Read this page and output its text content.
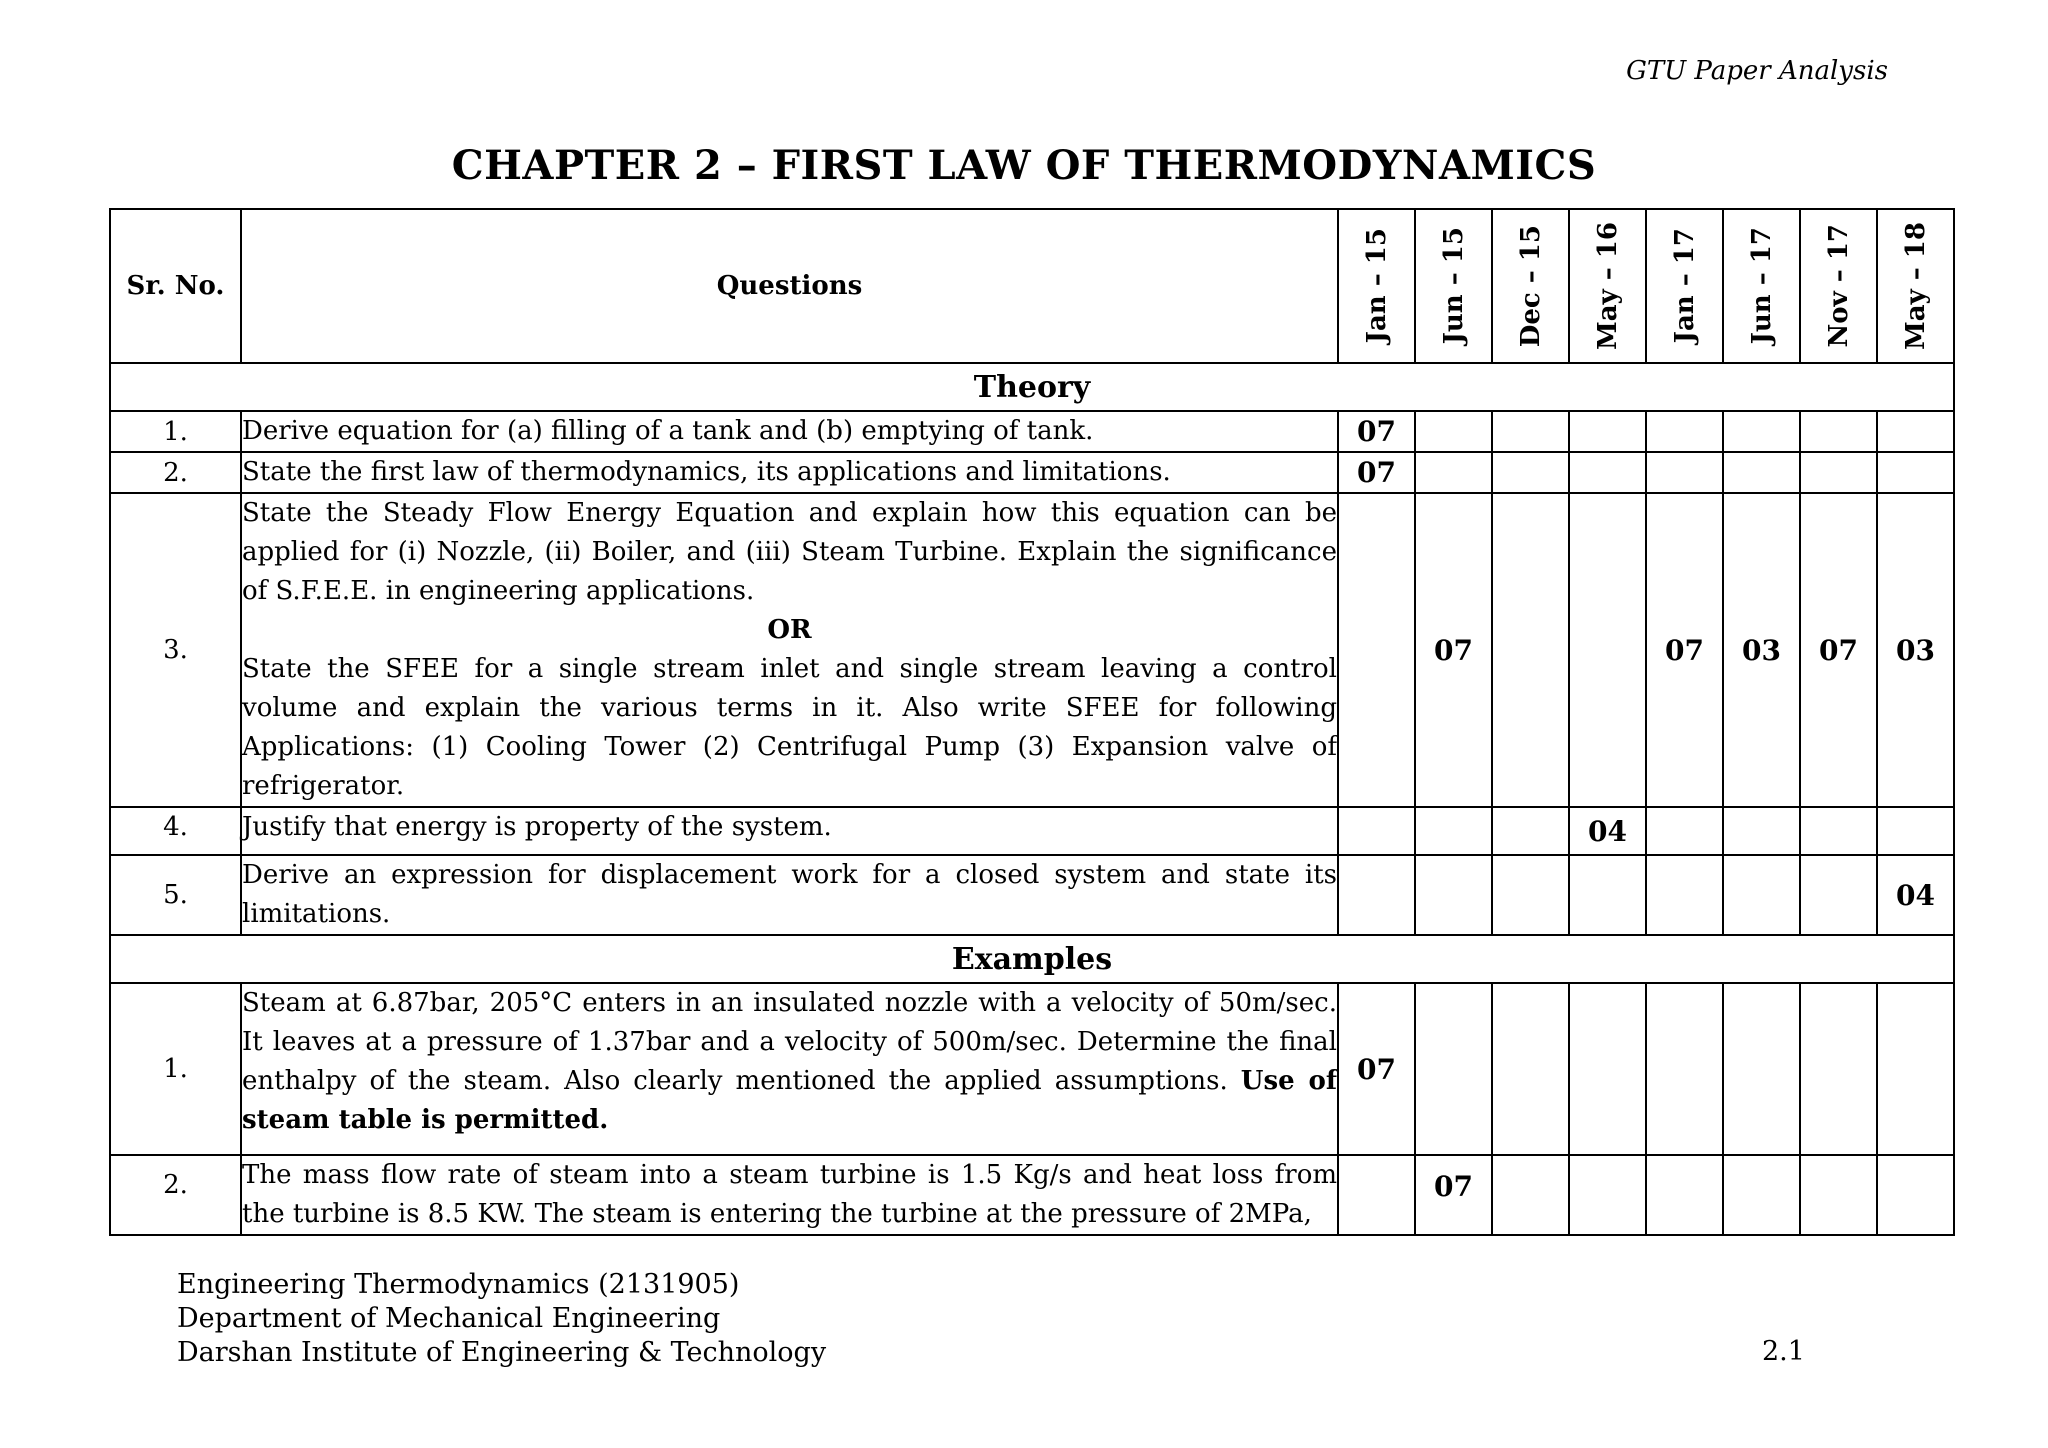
GTU Paper Analysis
CHAPTER 2 – FIRST LAW OF THERMODYNAMICS
Sr. No.	Questions	Jan – 15	Jun – 15	Dec – 15	May – 16	Jan – 17	Jun – 17	Nov – 17	May – 18

Theory									
1.	Derive equation for (a) filling of a tank and (b) emptying of tank.	07							
2.	State the first law of thermodynamics, its applications and limitations.	07							
3.	State the Steady Flow Energy Equation and explain how this equation can be applied for (i) Nozzle, (ii) Boiler, and (iii) Steam Turbine. Explain the significance of S.F.E.E. in engineering applications.
OR
State the SFEE for a single stream inlet and single stream leaving a control volume and explain the various terms in it. Also write SFEE for following Applications: (1) Cooling Tower (2) Centrifugal Pump (3) Expansion valve of refrigerator.		07			07	03	07	03
4.	Justify that energy is property of the system.				04				
5.	Derive an expression for displacement work for a closed system and state its limitations.								04
Examples									
1.	Steam at 6.87bar, 205°C enters in an insulated nozzle with a velocity of 50m/sec. It leaves at a pressure of 1.37bar and a velocity of 500m/sec. Determine the final enthalpy of the steam. Also clearly mentioned the applied assumptions. Use of steam table is permitted.	07							
2.	The mass flow rate of steam into a steam turbine is 1.5 Kg/s and heat loss from the turbine is 8.5 KW. The steam is entering the turbine at the pressure of 2MPa,		07						
Engineering Thermodynamics (2131905)
Department of Mechanical Engineering
Darshan Institute of Engineering & Technology	2.1
